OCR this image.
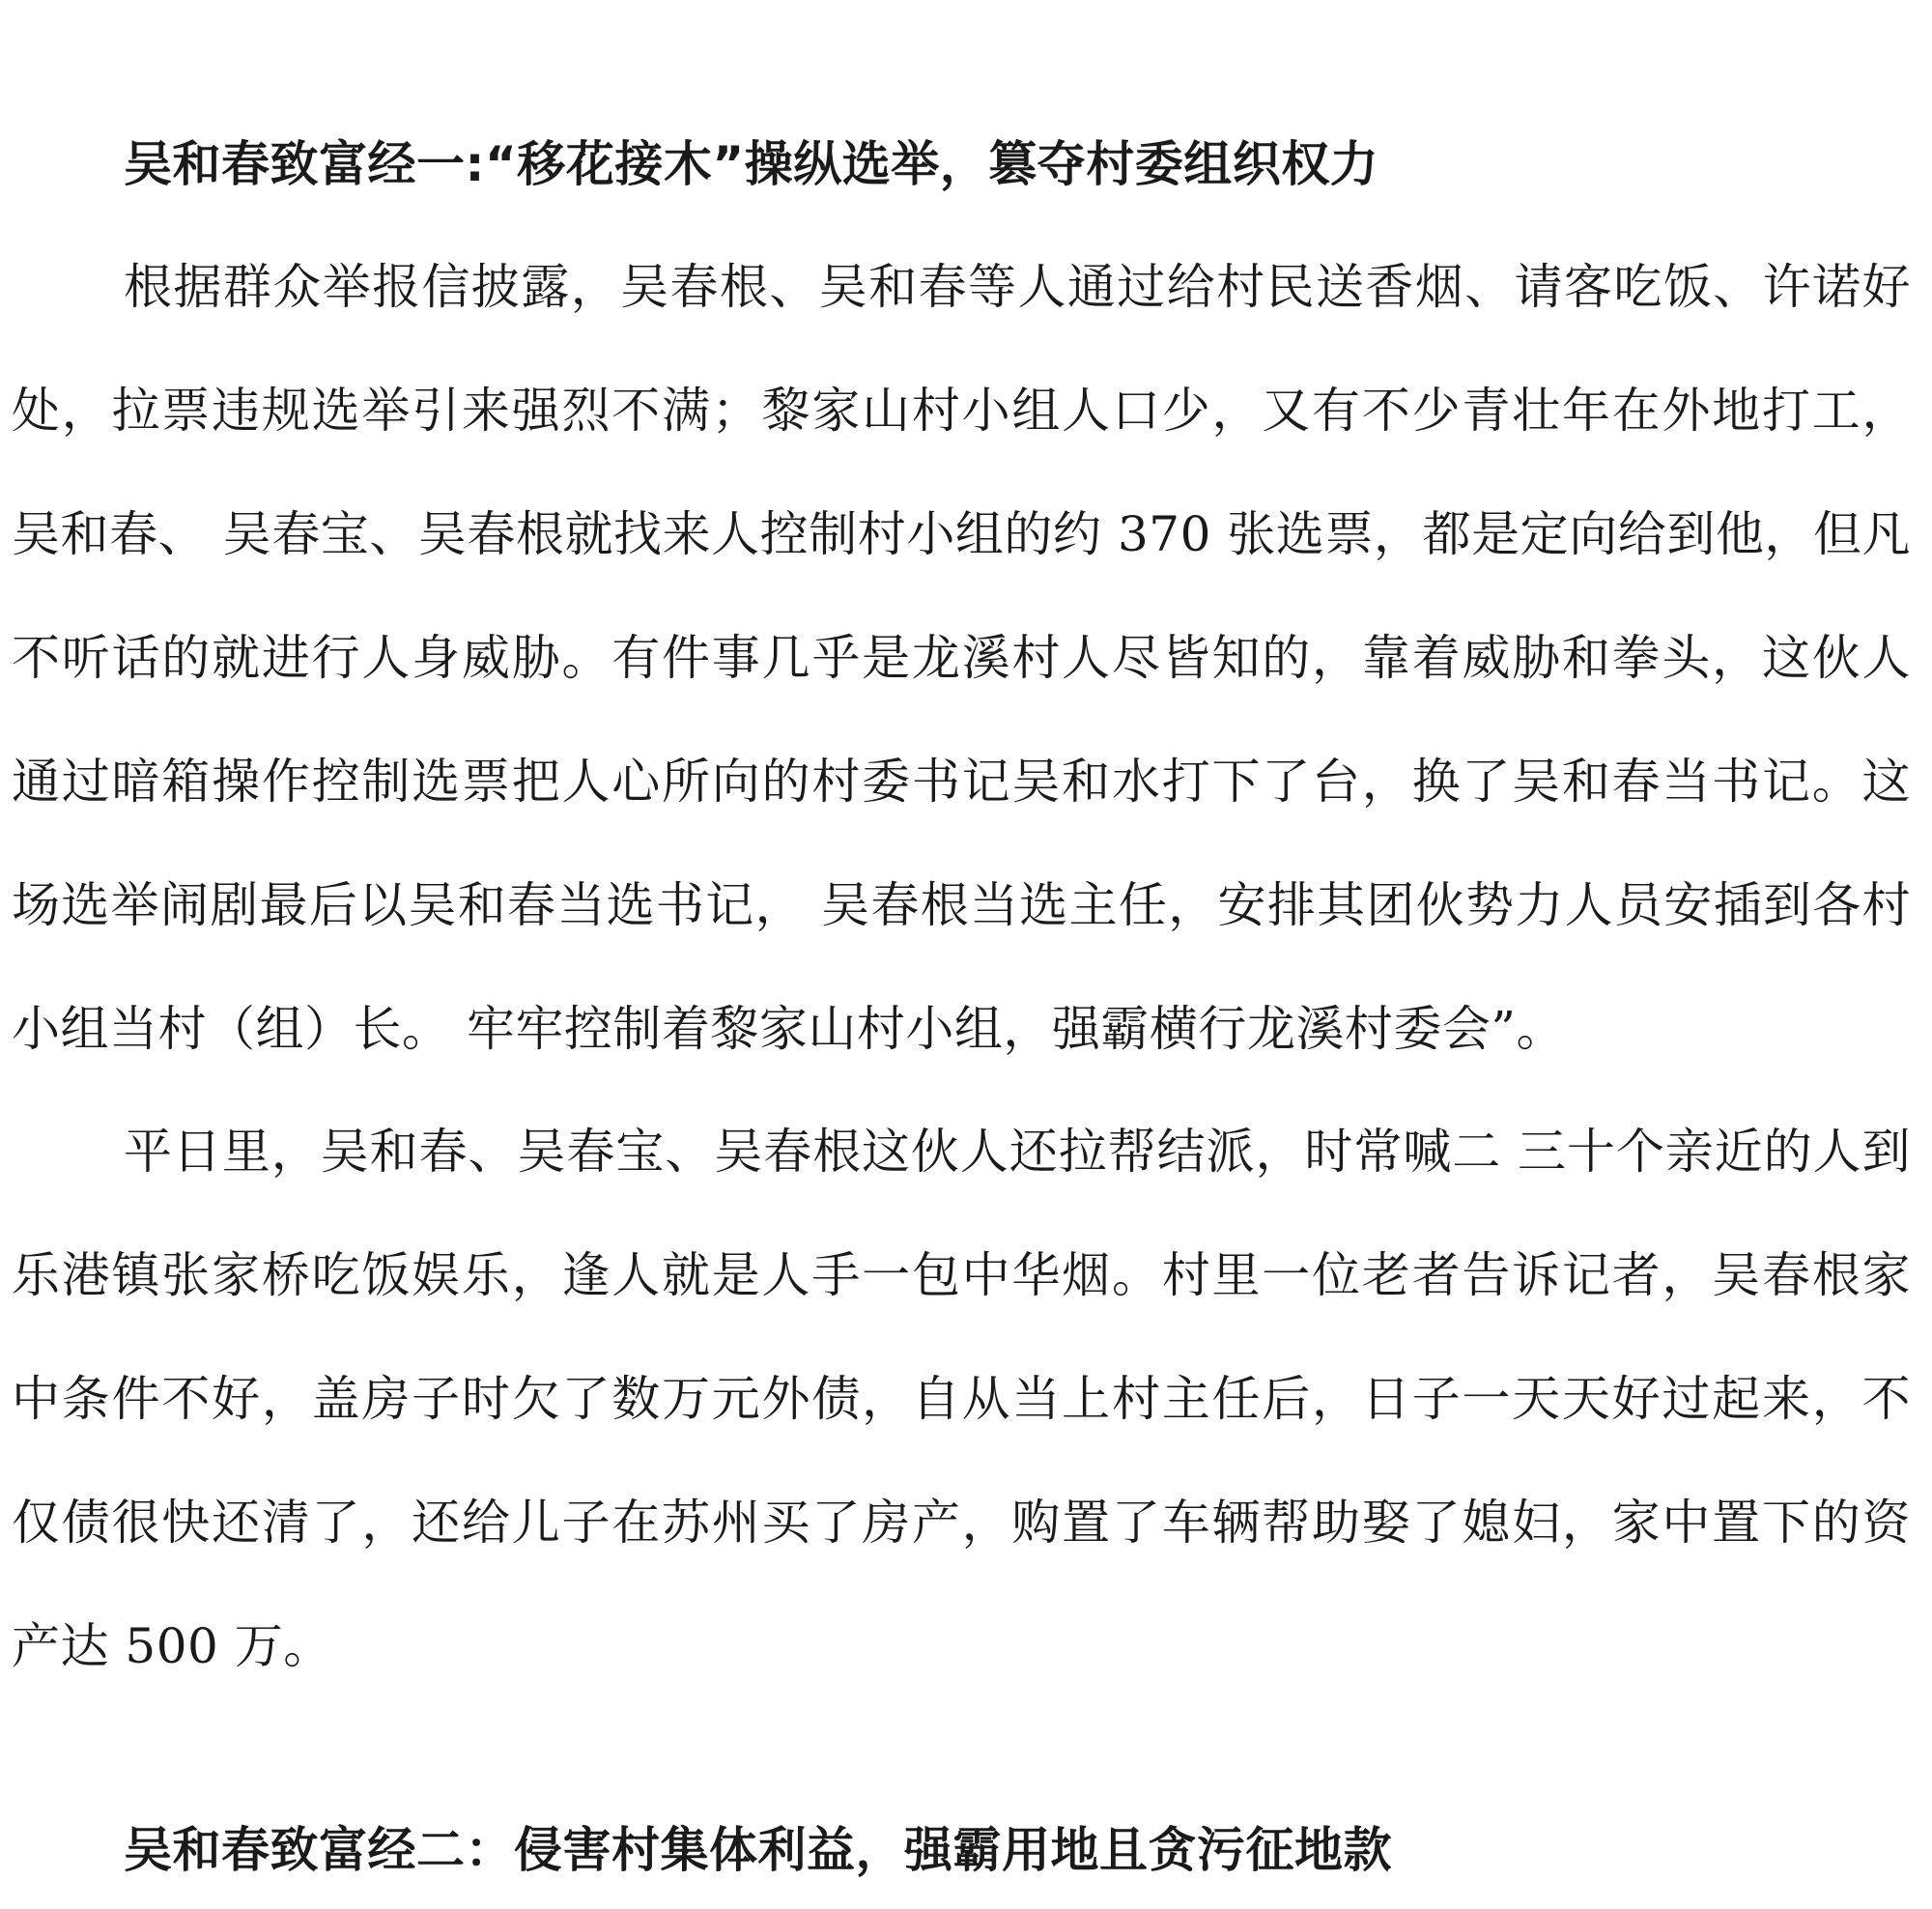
吴和春致富经一:“移花接木”操纵选举，篡夺村委组织权力

根据群众举报信披露，吴春根、吴和春等人通过给村民送香烟、请客吃饭、许诺好处，拉票违规选举引来强烈不满；黎家山村小组人口少，又有不少青壮年在外地打工，吴和春、 吴春宝、吴春根就找来人控制村小组的约 370 张选票，都是定向给到他，但凡不听话的就进行人身威胁。有件事几乎是龙溪村人尽皆知的，靠着威胁和拳头，这伙人通过暗箱操作控制选票把人心所向的村委书记吴和水打下了台，换了吴和春当书记。这场选举闹剧最后以吴和春当选书记， 吴春根当选主任，安排其团伙势力人员安插到各村小组当村（组）长。 牢牢控制着黎家山村小组，强霸横行龙溪村委会”。

平日里，吴和春、吴春宝、吴春根这伙人还拉帮结派，时常喊二 三十个亲近的人到乐港镇张家桥吃饭娱乐，逢人就是人手一包中华烟。村里一位老者告诉记者，吴春根家中条件不好，盖房子时欠了数万元外债，自从当上村主任后，日子一天天好过起来，不仅债很快还清了，还给儿子在苏州买了房产，购置了车辆帮助娶了媳妇，家中置下的资产达 500 万。

吴和春致富经二：侵害村集体利益，强霸用地且贪污征地款
